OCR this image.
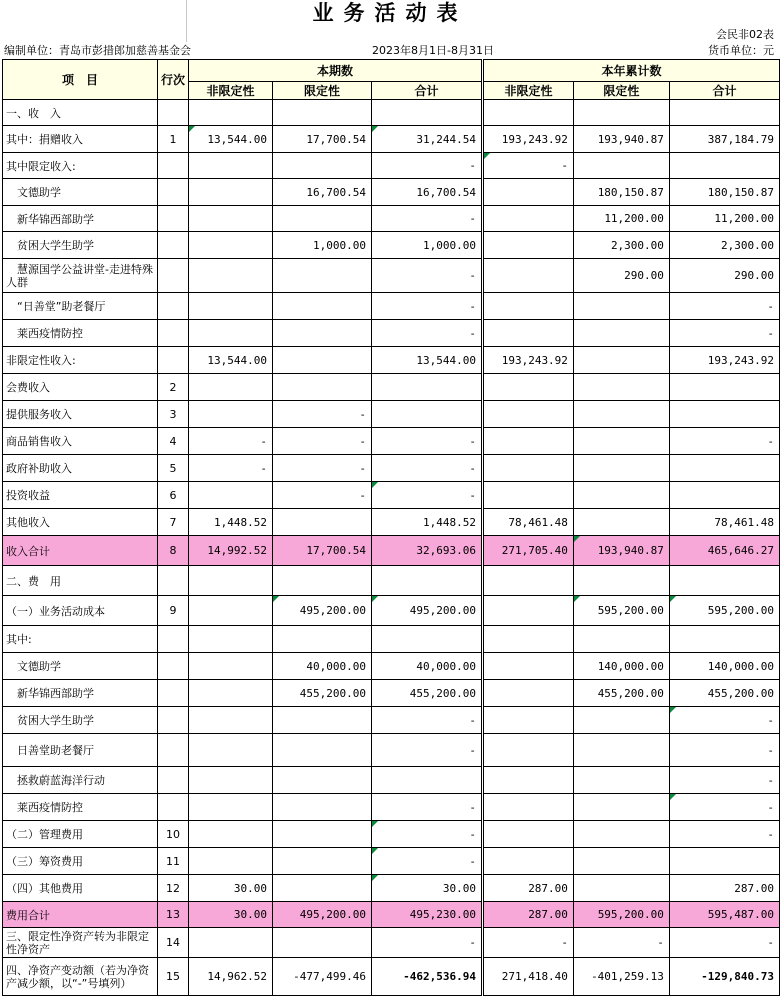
业务活动表
会民非02表
编制单位：青岛市彭措郎加慈善基金会	2023年8月1日-8月31日	货币单位：元
项　目	行次	本期数			本年累计数		
		非限定性	限定性	合计	非限定性	限定性	合计
一、收　入							
其中：捐赠收入	1	13,544.00	17,700.54	31,244.54	193,243.92	193,940.87	387,184.79
其中限定收入:				-	-		
　文德助学			16,700.54	16,700.54		180,150.87	180,150.87
　新华锦西部助学				-		11,200.00	11,200.00
　贫困大学生助学			1,000.00	1,000.00		2,300.00	2,300.00
　慧源国学公益讲堂-走进特殊人群				-		290.00	290.00
　“日善堂”助老餐厅				-			-
　莱西疫情防控				-			-
非限定性收入:		13,544.00		13,544.00	193,243.92		193,243.92
会费收入	2						
提供服务收入	3		-				
商品销售收入	4	-	-	-			-
政府补助收入	5	-	-	-			
投资收益	6		-	-			
其他收入	7	1,448.52		1,448.52	78,461.48		78,461.48
收入合计	8	14,992.52	17,700.54	32,693.06	271,705.40	193,940.87	465,646.27
二、费　用							
（一）业务活动成本	9		495,200.00	495,200.00		595,200.00	595,200.00
其中:							
　文德助学			40,000.00	40,000.00		140,000.00	140,000.00
　新华锦西部助学			455,200.00	455,200.00		455,200.00	455,200.00
　贫困大学生助学				-			-
　日善堂助老餐厅				-			-
　拯救蔚蓝海洋行动							-
　莱西疫情防控				-			-
（二）管理费用	10			-			-
（三）筹资费用	11			-			
（四）其他费用	12	30.00		30.00	287.00		287.00
费用合计	13	30.00	495,200.00	495,230.00	287.00	595,200.00	595,487.00
三、限定性净资产转为非限定性净资产	14			-	-	-	-
四、净资产变动额（若为净资产减少额，以“-”号填列）	15	14,962.52	-477,499.46	-462,536.94	271,418.40	-401,259.13	-129,840.73
